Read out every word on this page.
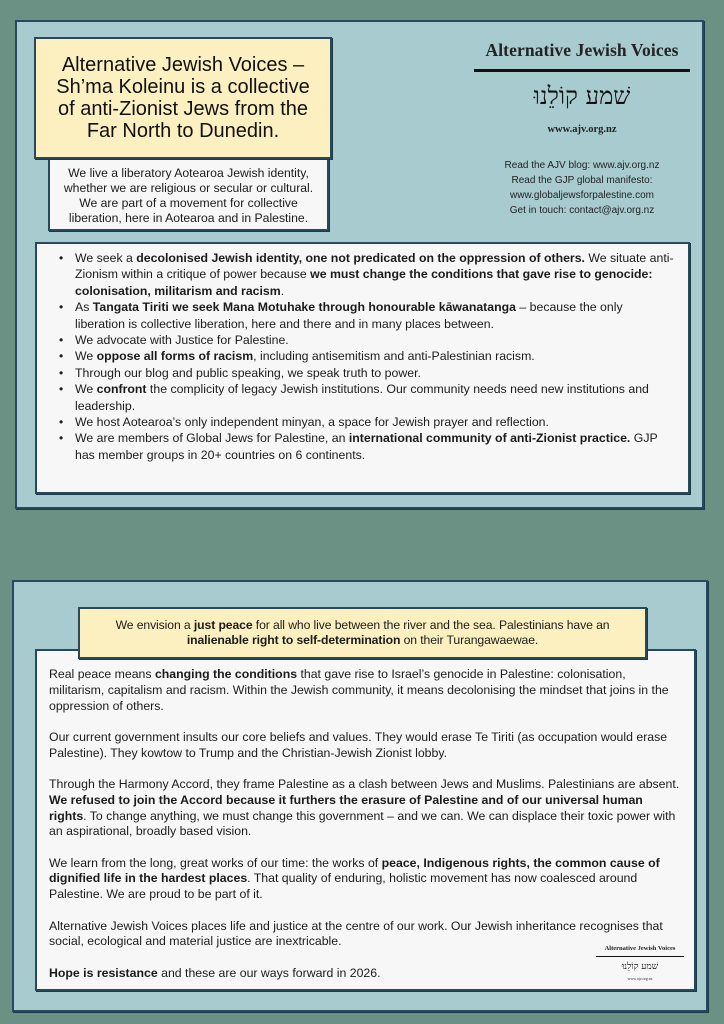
Alternative Jewish Voices – Sh’ma Koleinu is a collective of anti-Zionist Jews from the Far North to Dunedin.
We live a liberatory Aotearoa Jewish identity, whether we are religious or secular or cultural. We are part of a movement for collective liberation, here in Aotearoa and in Palestine.
Alternative Jewish Voices
שׁמע קוֹלֵנוּ
www.ajv.org.nz
Read the AJV blog: www.ajv.org.nz
Read the GJP global manifesto:
www.globaljewsforpalestine.com
Get in touch: contact@ajv.org.nz
• We seek a decolonised Jewish identity, one not predicated on the oppression of others. We situate anti-Zionism within a critique of power because we must change the conditions that gave rise to genocide: colonisation, militarism and racism.
• As Tangata Tiriti we seek Mana Motuhake through honourable kāwanatanga – because the only liberation is collective liberation, here and there and in many places between.
• We advocate with Justice for Palestine.
• We oppose all forms of racism, including antisemitism and anti-Palestinian racism.
• Through our blog and public speaking, we speak truth to power.
• We confront the complicity of legacy Jewish institutions. Our community needs need new institutions and leadership.
• We host Aotearoa’s only independent minyan, a space for Jewish prayer and reflection.
• We are members of Global Jews for Palestine, an international community of anti-Zionist practice. GJP has member groups in 20+ countries on 6 continents.
We envision a just peace for all who live between the river and the sea. Palestinians have an inalienable right to self-determination on their Turangawaewae.

Real peace means changing the conditions that gave rise to Israel’s genocide in Palestine: colonisation, militarism, capitalism and racism. Within the Jewish community, it means decolonising the mindset that joins in the oppression of others.

Our current government insults our core beliefs and values. They would erase Te Tiriti (as occupation would erase Palestine). They kowtow to Trump and the Christian-Jewish Zionist lobby.

Through the Harmony Accord, they frame Palestine as a clash between Jews and Muslims. Palestinians are absent. We refused to join the Accord because it furthers the erasure of Palestine and of our universal human rights. To change anything, we must change this government – and we can. We can displace their toxic power with an aspirational, broadly based vision.

We learn from the long, great works of our time: the works of peace, Indigenous rights, the common cause of dignified life in the hardest places. That quality of enduring, holistic movement has now coalesced around Palestine. We are proud to be part of it.

Alternative Jewish Voices places life and justice at the centre of our work. Our Jewish inheritance recognises that social, ecological and material justice are inextricable.

Hope is resistance and these are our ways forward in 2026.

Alternative Jewish Voices
שׁמע קוֹלֵנוּ
www.ajv.org.nz
